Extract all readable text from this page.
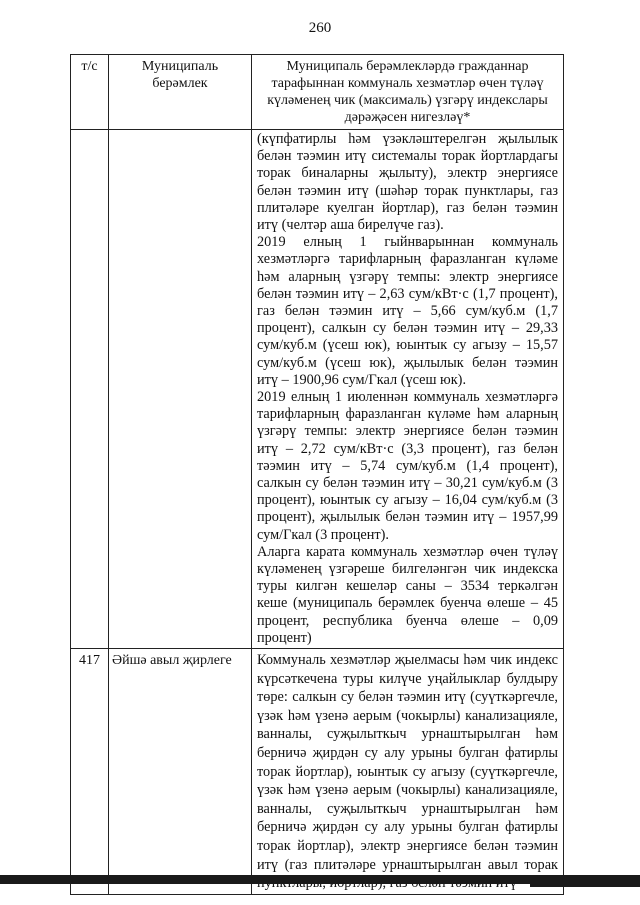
260
т/с	Муниципаль берәмлек	Муниципаль берәмлекләрдә гражданнар тарафыннан коммуналь хезмәтләр өчен түләү күләменең чик (максималь) үзгәрү индекслары дәрәҗәсен нигезләү*

		(күпфатирлы һәм үзәкләштерелгән җылылык белән тәэмин итү системалы торак йортлардагы торак биналарны җылыту), электр энергиясе белән тәэмин итү (шәһәр торак пунктлары, газ плитәләре куелган йортлар), газ белән тәэмин итү (челтәр аша бирелүче газ).

2019 елның 1 гыйнварыннан коммуналь хезмәтләргә тарифларның фаразланган күләме һәм аларның үзгәрү темпы: электр энергиясе белән тәэмин итү – 2,63 сум/кВт·с (1,7 процент), газ белән тәэмин итү – 5,66 сум/куб.м (1,7 процент), салкын су белән тәэмин итү – 29,33 сум/куб.м (үсеш юк), юынтык су агызу – 15,57 сум/куб.м (үсеш юк), җылылык белән тәэмин итү – 1900,96 сум/Гкал (үсеш юк).

2019 елның 1 июленнән коммуналь хезмәтләргә тарифларның фаразланган күләме һәм аларның үзгәрү темпы: электр энергиясе белән тәэмин итү – 2,72 сум/кВт·с (3,3 процент), газ белән тәэмин итү – 5,74 сум/куб.м (1,4 процент), салкын су белән тәэмин итү – 30,21 сум/куб.м (3 процент), юынтык су агызу – 16,04 сум/куб.м (3 процент), җылылык белән тәэмин итү – 1957,99 сум/Гкал (3 процент).

Аларга карата коммуналь хезмәтләр өчен түләү күләменең үзгәреше билгеләнгән чик индекска туры килгән кешеләр саны – 3534 теркәлгән кеше (муниципаль берәмлек буенча өлеше – 45 процент, республика буенча өлеше – 0,09 процент)

417	Әйшә авыл җирлеге	Коммуналь хезмәтләр җыелмасы һәм чик индекс күрсәткечена туры килүче уңайлыклар булдыру төре: салкын су белән тәэмин итү (суүткәргечле, үзәк һәм үзенә аерым (чокырлы) канализацияле, ванналы, суҗылыткыч урнаштырылган һәм берничә җирдән су алу урыны булган фатирлы торак йортлар), юынтык су агызу (суүткәргечле, үзәк һәм үзенә аерым (чокырлы) канализацияле, ванналы, суҗылыткыч урнаштырылган һәм берничә җирдән су алу урыны булган фатирлы торак йортлар), электр энергиясе белән тәэмин итү (газ плитәләре урнаштырылган авыл торак
